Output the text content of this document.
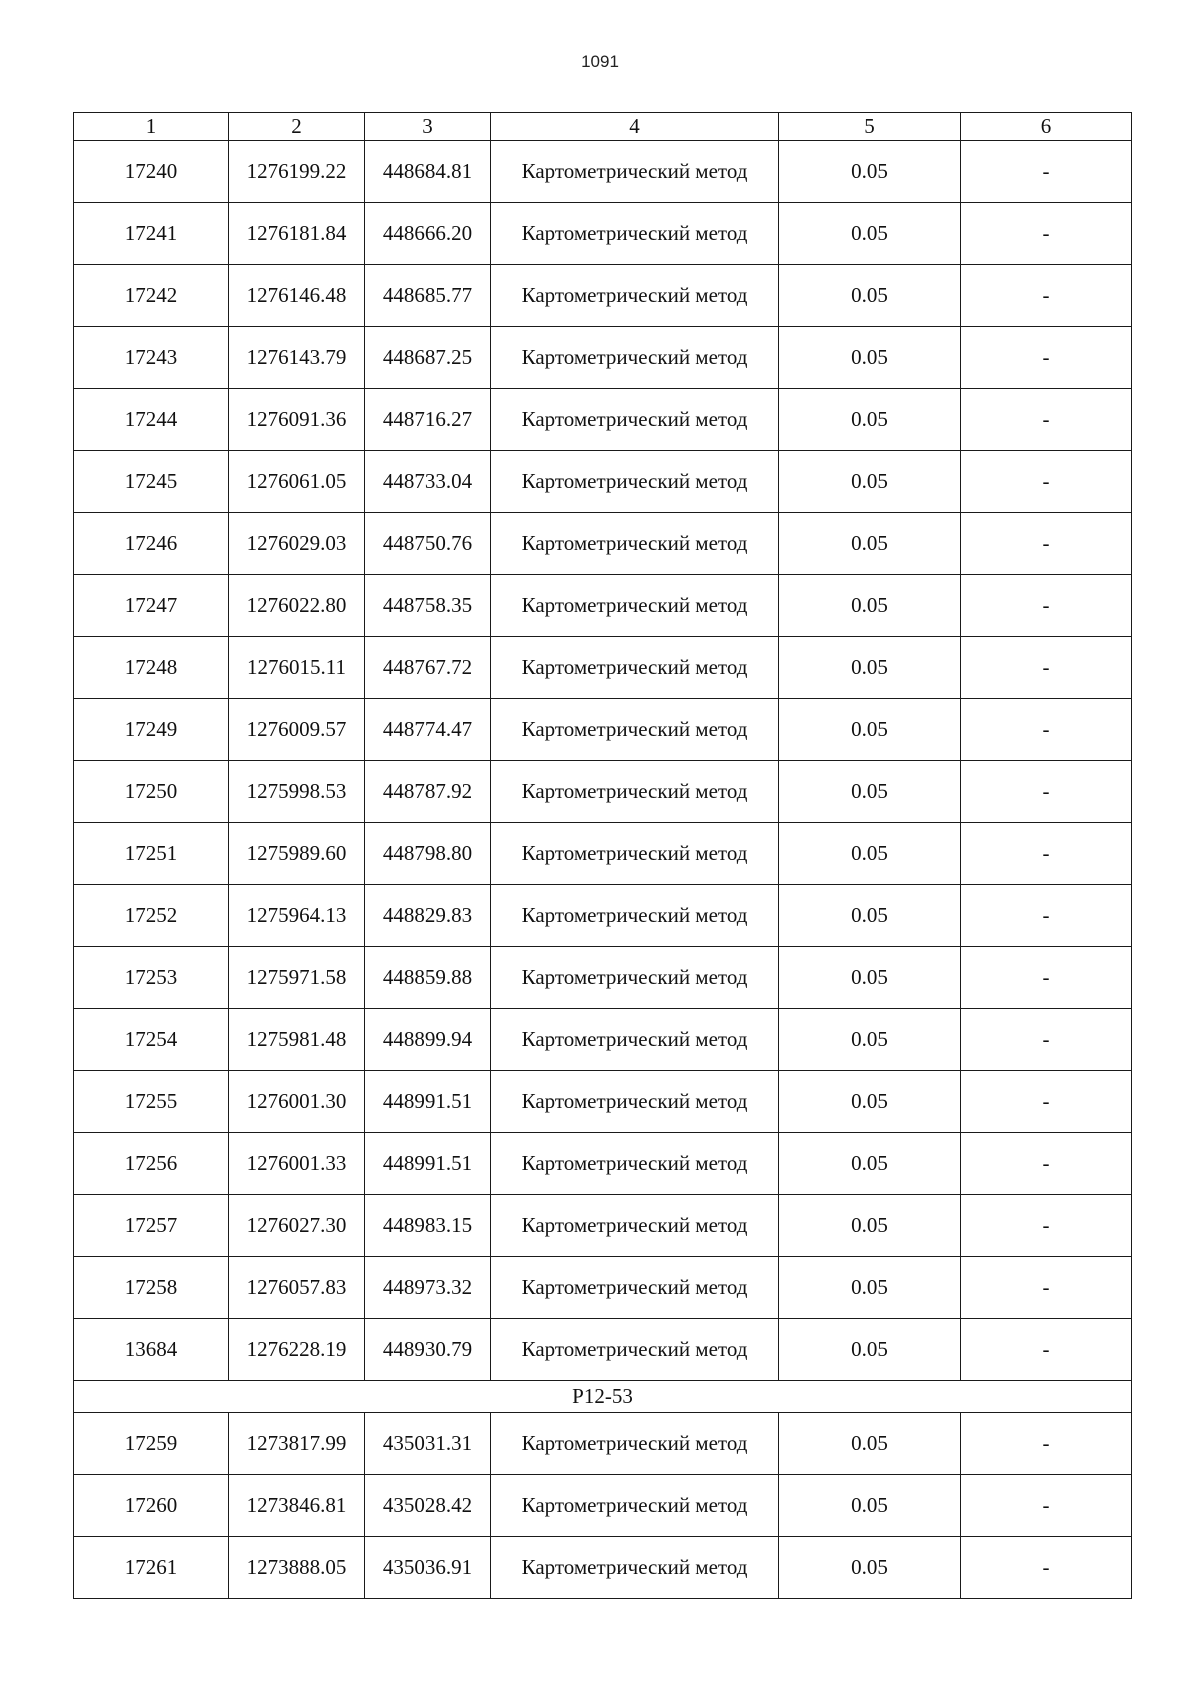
1091
1	2	3	4	5	6
17240	1276199.22	448684.81	Картометрический метод	0.05	-
17241	1276181.84	448666.20	Картометрический метод	0.05	-
17242	1276146.48	448685.77	Картометрический метод	0.05	-
17243	1276143.79	448687.25	Картометрический метод	0.05	-
17244	1276091.36	448716.27	Картометрический метод	0.05	-
17245	1276061.05	448733.04	Картометрический метод	0.05	-
17246	1276029.03	448750.76	Картометрический метод	0.05	-
17247	1276022.80	448758.35	Картометрический метод	0.05	-
17248	1276015.11	448767.72	Картометрический метод	0.05	-
17249	1276009.57	448774.47	Картометрический метод	0.05	-
17250	1275998.53	448787.92	Картометрический метод	0.05	-
17251	1275989.60	448798.80	Картометрический метод	0.05	-
17252	1275964.13	448829.83	Картометрический метод	0.05	-
17253	1275971.58	448859.88	Картометрический метод	0.05	-
17254	1275981.48	448899.94	Картометрический метод	0.05	-
17255	1276001.30	448991.51	Картометрический метод	0.05	-
17256	1276001.33	448991.51	Картометрический метод	0.05	-
17257	1276027.30	448983.15	Картометрический метод	0.05	-
17258	1276057.83	448973.32	Картометрический метод	0.05	-
13684	1276228.19	448930.79	Картометрический метод	0.05	-
Р12-53					
17259	1273817.99	435031.31	Картометрический метод	0.05	-
17260	1273846.81	435028.42	Картометрический метод	0.05	-
17261	1273888.05	435036.91	Картометрический метод	0.05	-
